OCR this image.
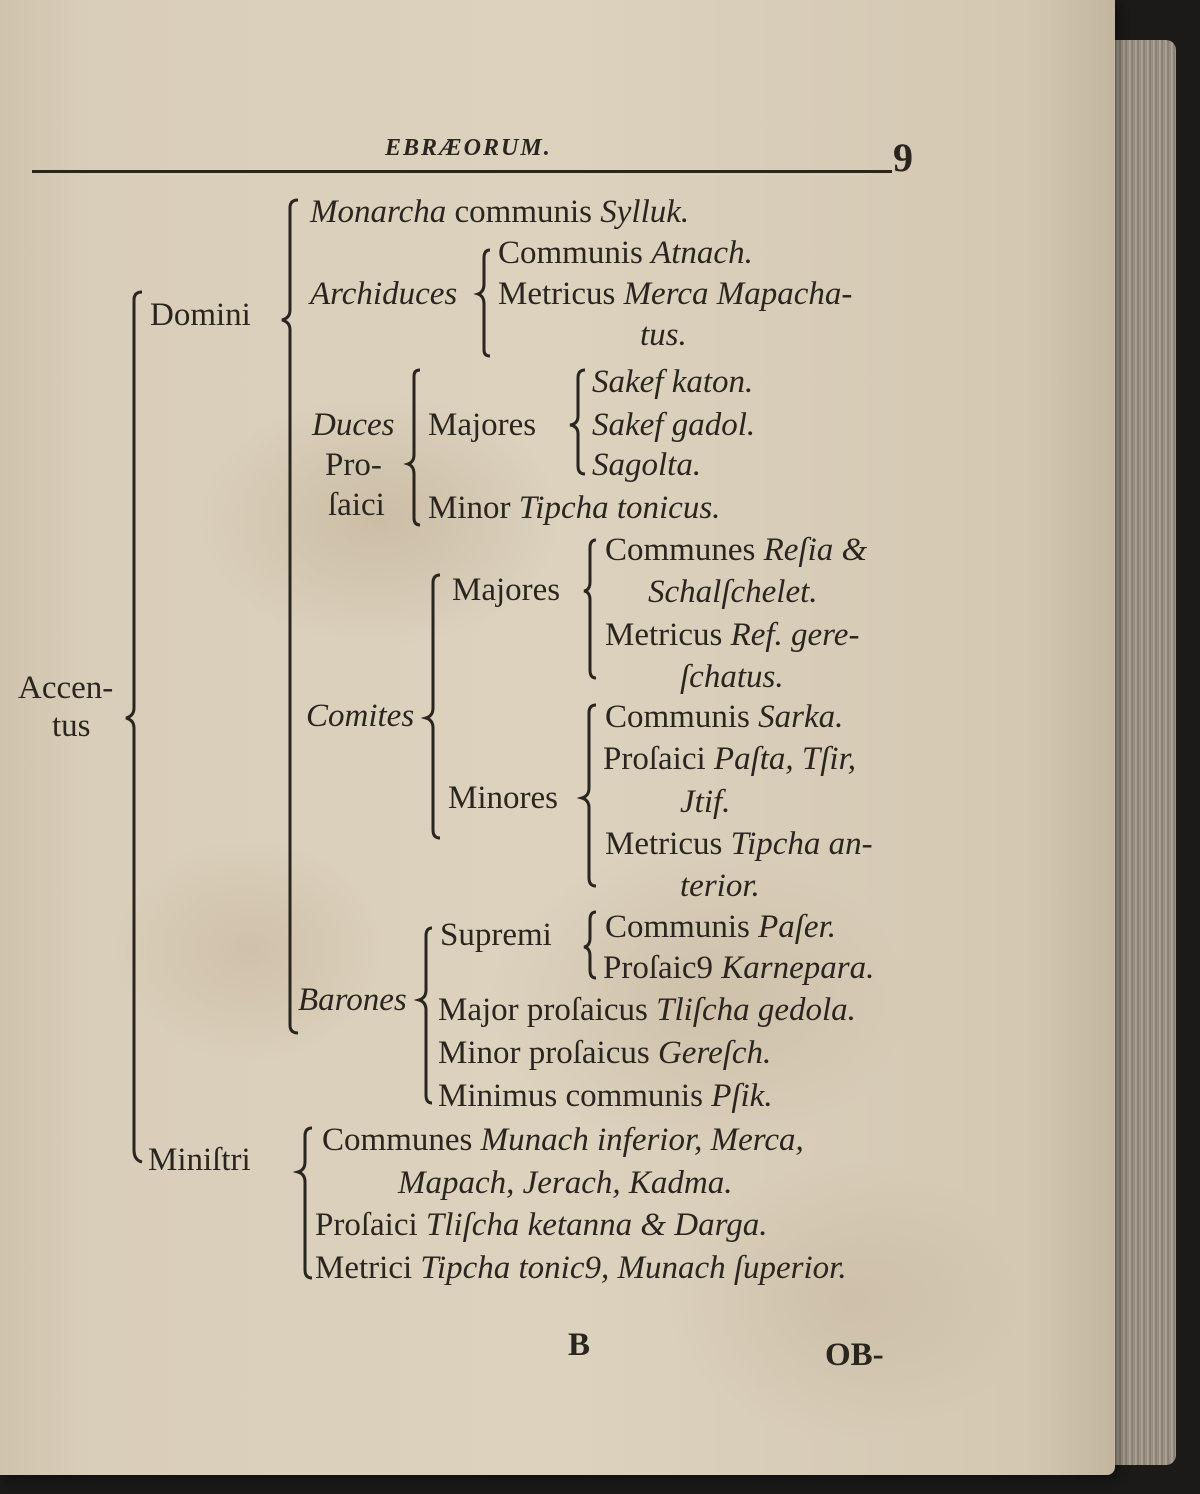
EBRÆORUM.	9
Accen-
tus
Domini
Monarcha communis Sylluk.
Archiduces
Communis Atnach.
Metricus Merca Mapacha-
tus.
Duces
Pro-
ſaici
Majores
Sakef katon.
Sakef gadol.
Sagolta.
Minor Tipcha tonicus.
Comites
Majores
Communes Reſia &
Schalſchelet.
Metricus Ref. gere-
ſchatus.
Minores
Communis Sarka.
Proſaici Paſta, Tſir,
Jtif.
Metricus Tipcha an-
terior.
Barones
Supremi Communis Paſer.
Proſaic9 Karnepara.
Major proſaicus Tliſcha gedola.
Minor proſaicus Gereſch.
Minimus communis Pſik.
Miniſtri
Communes Munach inferior, Merca,
Mapach, Jerach, Kadma.
Proſaici Tliſcha ketanna & Darga.
Metrici Tipcha tonic9, Munach ſuperior.
B	OB-
